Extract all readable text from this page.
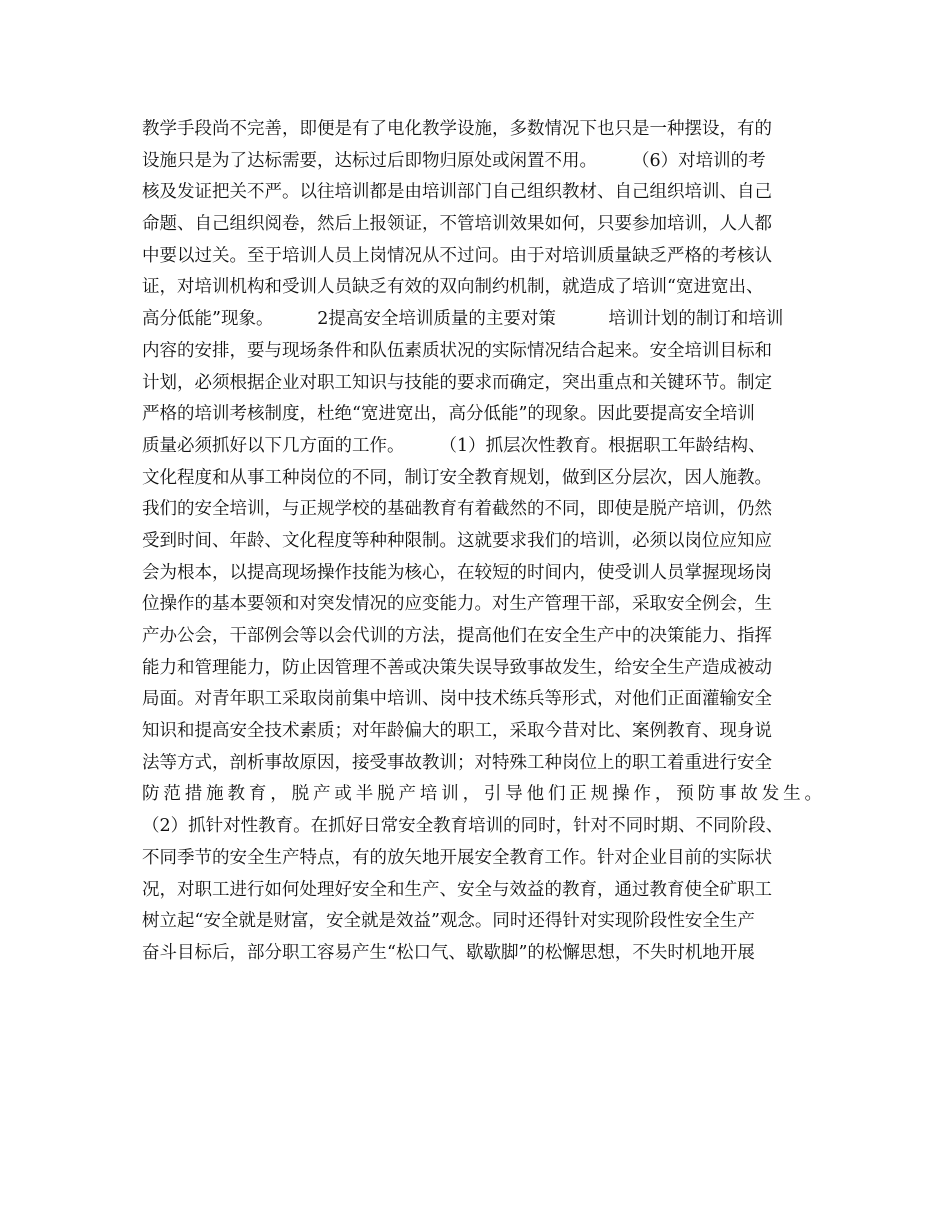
教学手段尚不完善，即便是有了电化教学设施，多数情况下也只是一种摆设，有的
设施只是为了达标需要，达标过后即物归原处或闲置不用。　　　（6）对培训的考
核及发证把关不严。以往培训都是由培训部门自己组织教材、自己组织培训、自己
命题、自己组织阅卷，然后上报领证，不管培训效果如何，只要参加培训，人人都
中要以过关。至于培训人员上岗情况从不过问。由于对培训质量缺乏严格的考核认
证，对培训机构和受训人员缺乏有效的双向制约机制，就造成了培训“宽进宽出、
高分低能”现象。　　　2提高安全培训质量的主要对策　　　培训计划的制订和培训
内容的安排，要与现场条件和队伍素质状况的实际情况结合起来。安全培训目标和
计划，必须根据企业对职工知识与技能的要求而确定，突出重点和关键环节。制定
严格的培训考核制度，杜绝“宽进宽出，高分低能”的现象。因此要提高安全培训
质量必须抓好以下几方面的工作。　　　（1）抓层次性教育。根据职工年龄结构、
文化程度和从事工种岗位的不同，制订安全教育规划，做到区分层次，因人施教。
我们的安全培训，与正规学校的基础教育有着截然的不同，即使是脱产培训，仍然
受到时间、年龄、文化程度等种种限制。这就要求我们的培训，必须以岗位应知应
会为根本，以提高现场操作技能为核心，在较短的时间内，使受训人员掌握现场岗
位操作的基本要领和对突发情况的应变能力。对生产管理干部，采取安全例会，生
产办公会，干部例会等以会代训的方法，提高他们在安全生产中的决策能力、指挥
能力和管理能力，防止因管理不善或决策失误导致事故发生，给安全生产造成被动
局面。对青年职工采取岗前集中培训、岗中技术练兵等形式，对他们正面灌输安全
知识和提高安全技术素质；对年龄偏大的职工，采取今昔对比、案例教育、现身说
法等方式，剖析事故原因，接受事故教训；对特殊工种岗位上的职工着重进行安全
防范措施教育，脱产或半脱产培训，引导他们正规操作，预防事故发生。
（2）抓针对性教育。在抓好日常安全教育培训的同时，针对不同时期、不同阶段、
不同季节的安全生产特点，有的放矢地开展安全教育工作。针对企业目前的实际状
况，对职工进行如何处理好安全和生产、安全与效益的教育，通过教育使全矿职工
树立起“安全就是财富，安全就是效益”观念。同时还得针对实现阶段性安全生产
奋斗目标后，部分职工容易产生“松口气、歇歇脚”的松懈思想，不失时机地开展
